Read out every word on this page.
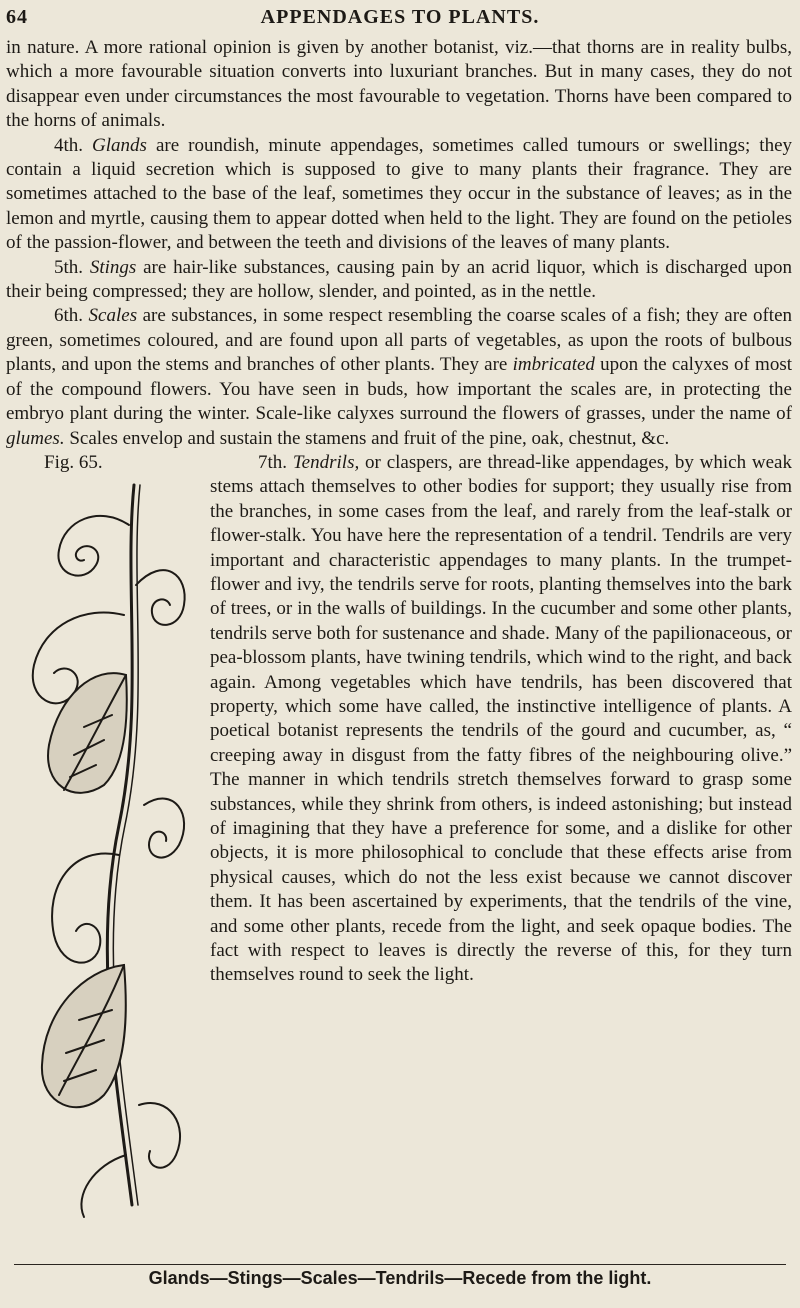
64	APPENDAGES TO PLANTS.

in nature. A more rational opinion is given by another botanist, viz.—that thorns are in reality bulbs, which a more favourable situation converts into luxuriant branches. But in many cases, they do not disappear even under circumstances the most favourable to vegetation. Thorns have been compared to the horns of animals.

4th. Glands are roundish, minute appendages, sometimes called tumours or swellings; they contain a liquid secretion which is supposed to give to many plants their fragrance. They are sometimes attached to the base of the leaf, sometimes they occur in the substance of leaves; as in the lemon and myrtle, causing them to appear dotted when held to the light. They are found on the petioles of the passion-flower, and between the teeth and divisions of the leaves of many plants.

5th. Stings are hair-like substances, causing pain by an acrid liquor, which is discharged upon their being compressed; they are hollow, slender, and pointed, as in the nettle.

6th. Scales are substances, in some respect resembling the coarse scales of a fish; they are often green, sometimes coloured, and are found upon all parts of vegetables, as upon the roots of bulbous plants, and upon the stems and branches of other plants. They are imbricated upon the calyxes of most of the compound flowers. You have seen in buds, how important the scales are, in protecting the embryo plant during the winter. Scale-like calyxes surround the flowers of grasses, under the name of glumes. Scales envelop and sustain the stamens and fruit of the pine, oak, chestnut, &c.

Fig. 65.	7th. Tendrils, or claspers, are thread-like appendages, by which weak stems attach themselves to other bodies for support; they usually rise from the branches, in some cases from the leaf, and rarely from the leaf-stalk or flower-stalk. You have here the representation of a tendril. Tendrils are very important and characteristic appendages to many plants. In the trumpet-flower and ivy, the tendrils serve for roots, planting themselves into the bark of trees, or in the walls of buildings. In the cucumber and some other plants, tendrils serve both for sustenance and shade. Many of the papilionaceous, or pea-blossom plants, have twining tendrils, which wind to the right, and back again. Among vegetables which have tendrils, has been discovered that property, which some have called, the instinctive intelligence of plants. A poetical botanist represents the tendrils of the gourd and cucumber, as, “ creeping away in disgust from the fatty fibres of the neighbouring olive.” The manner in which tendrils stretch themselves forward to grasp some substances, while they shrink from others, is indeed astonishing; but instead of imagining that they have a preference for some, and a dislike for other objects, it is more philosophical to conclude that these effects arise from physical causes, which do not the less exist because we cannot discover them. It has been ascertained by experiments, that the tendrils of the vine, and some other plants, recede from the light, and seek opaque bodies. The fact with respect to leaves is directly the reverse of this, for they turn themselves round to seek the light.

Glands—Stings—Scales—Tendrils—Recede from the light.
